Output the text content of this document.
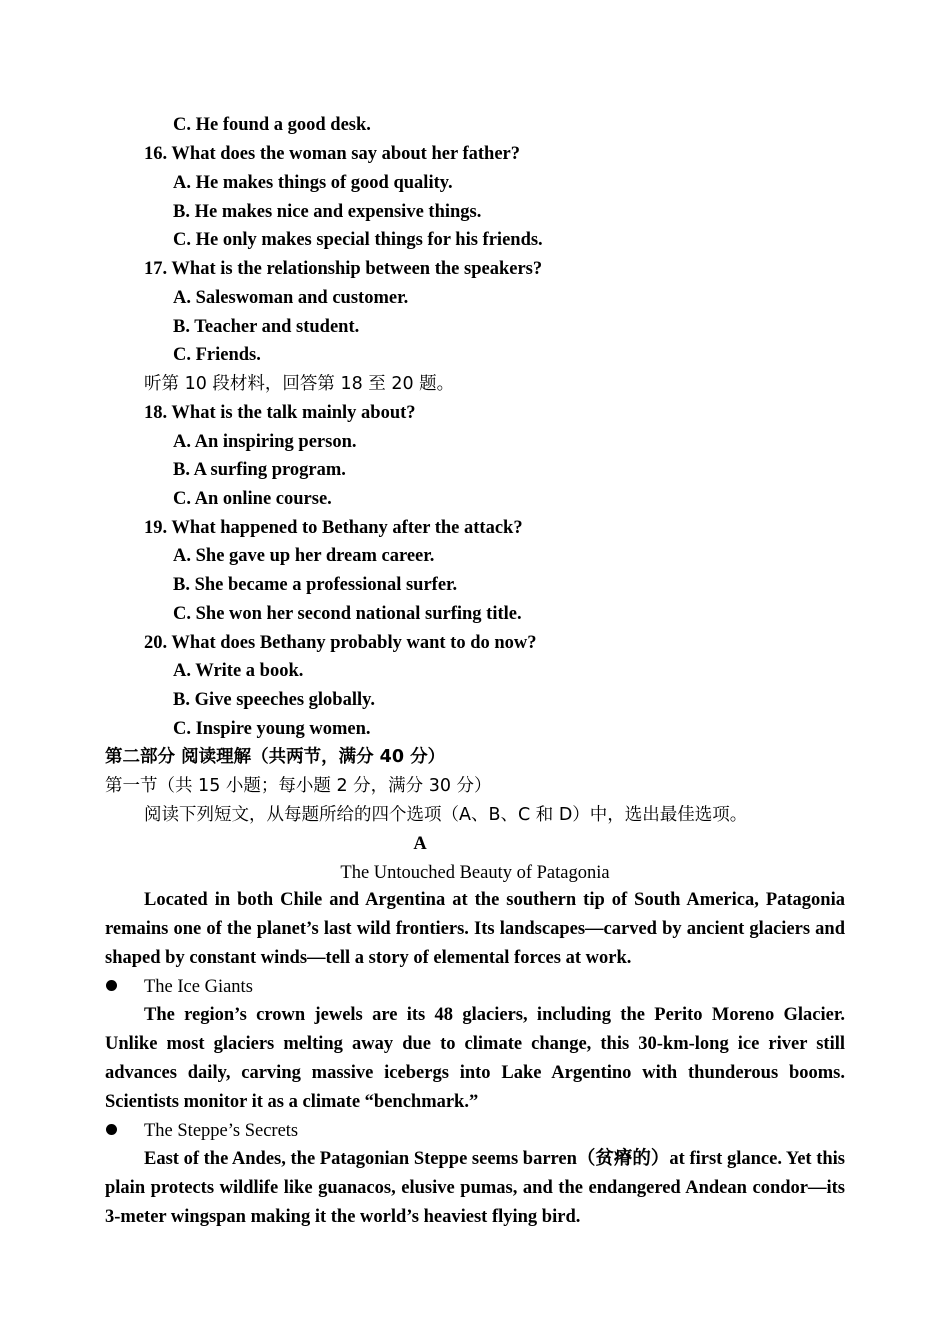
C. He found a good desk.
16. What does the woman say about her father?
A. He makes things of good quality.
B. He makes nice and expensive things.
C. He only makes special things for his friends.
17. What is the relationship between the speakers?
A. Saleswoman and customer.
B. Teacher and student.
C. Friends.
听第 10 段材料，回答第 18 至 20 题。
18. What is the talk mainly about?
A. An inspiring person.
B. A surfing program.
C. An online course.
19. What happened to Bethany after the attack?
A. She gave up her dream career.
B. She became a professional surfer.
C. She won her second national surfing title.
20. What does Bethany probably want to do now?
A. Write a book.
B. Give speeches globally.
C. Inspire young women.
第二部分 阅读理解（共两节，满分 40 分）
第一节（共 15 小题；每小题 2 分，满分 30 分）
阅读下列短文，从每题所给的四个选项（A、B、C 和 D）中，选出最佳选项。
A
The Untouched Beauty of Patagonia

Located in both Chile and Argentina at the southern tip of South America, Patagonia remains one of the planet’s last wild frontiers. Its landscapes—carved by ancient glaciers and shaped by constant winds—tell a story of elemental forces at work.

The Ice Giants

The region’s crown jewels are its 48 glaciers, including the Perito Moreno Glacier. Unlike most glaciers melting away due to climate change, this 30-km-long ice river still advances daily, carving massive icebergs into Lake Argentino with thunderous booms. Scientists monitor it as a climate “benchmark.”

The Steppe’s Secrets

East of the Andes, the Patagonian Steppe seems barren（贫瘠的）at first glance. Yet this plain protects wildlife like guanacos, elusive pumas, and the endangered Andean condor—its 3-meter wingspan making it the world’s heaviest flying bird.
